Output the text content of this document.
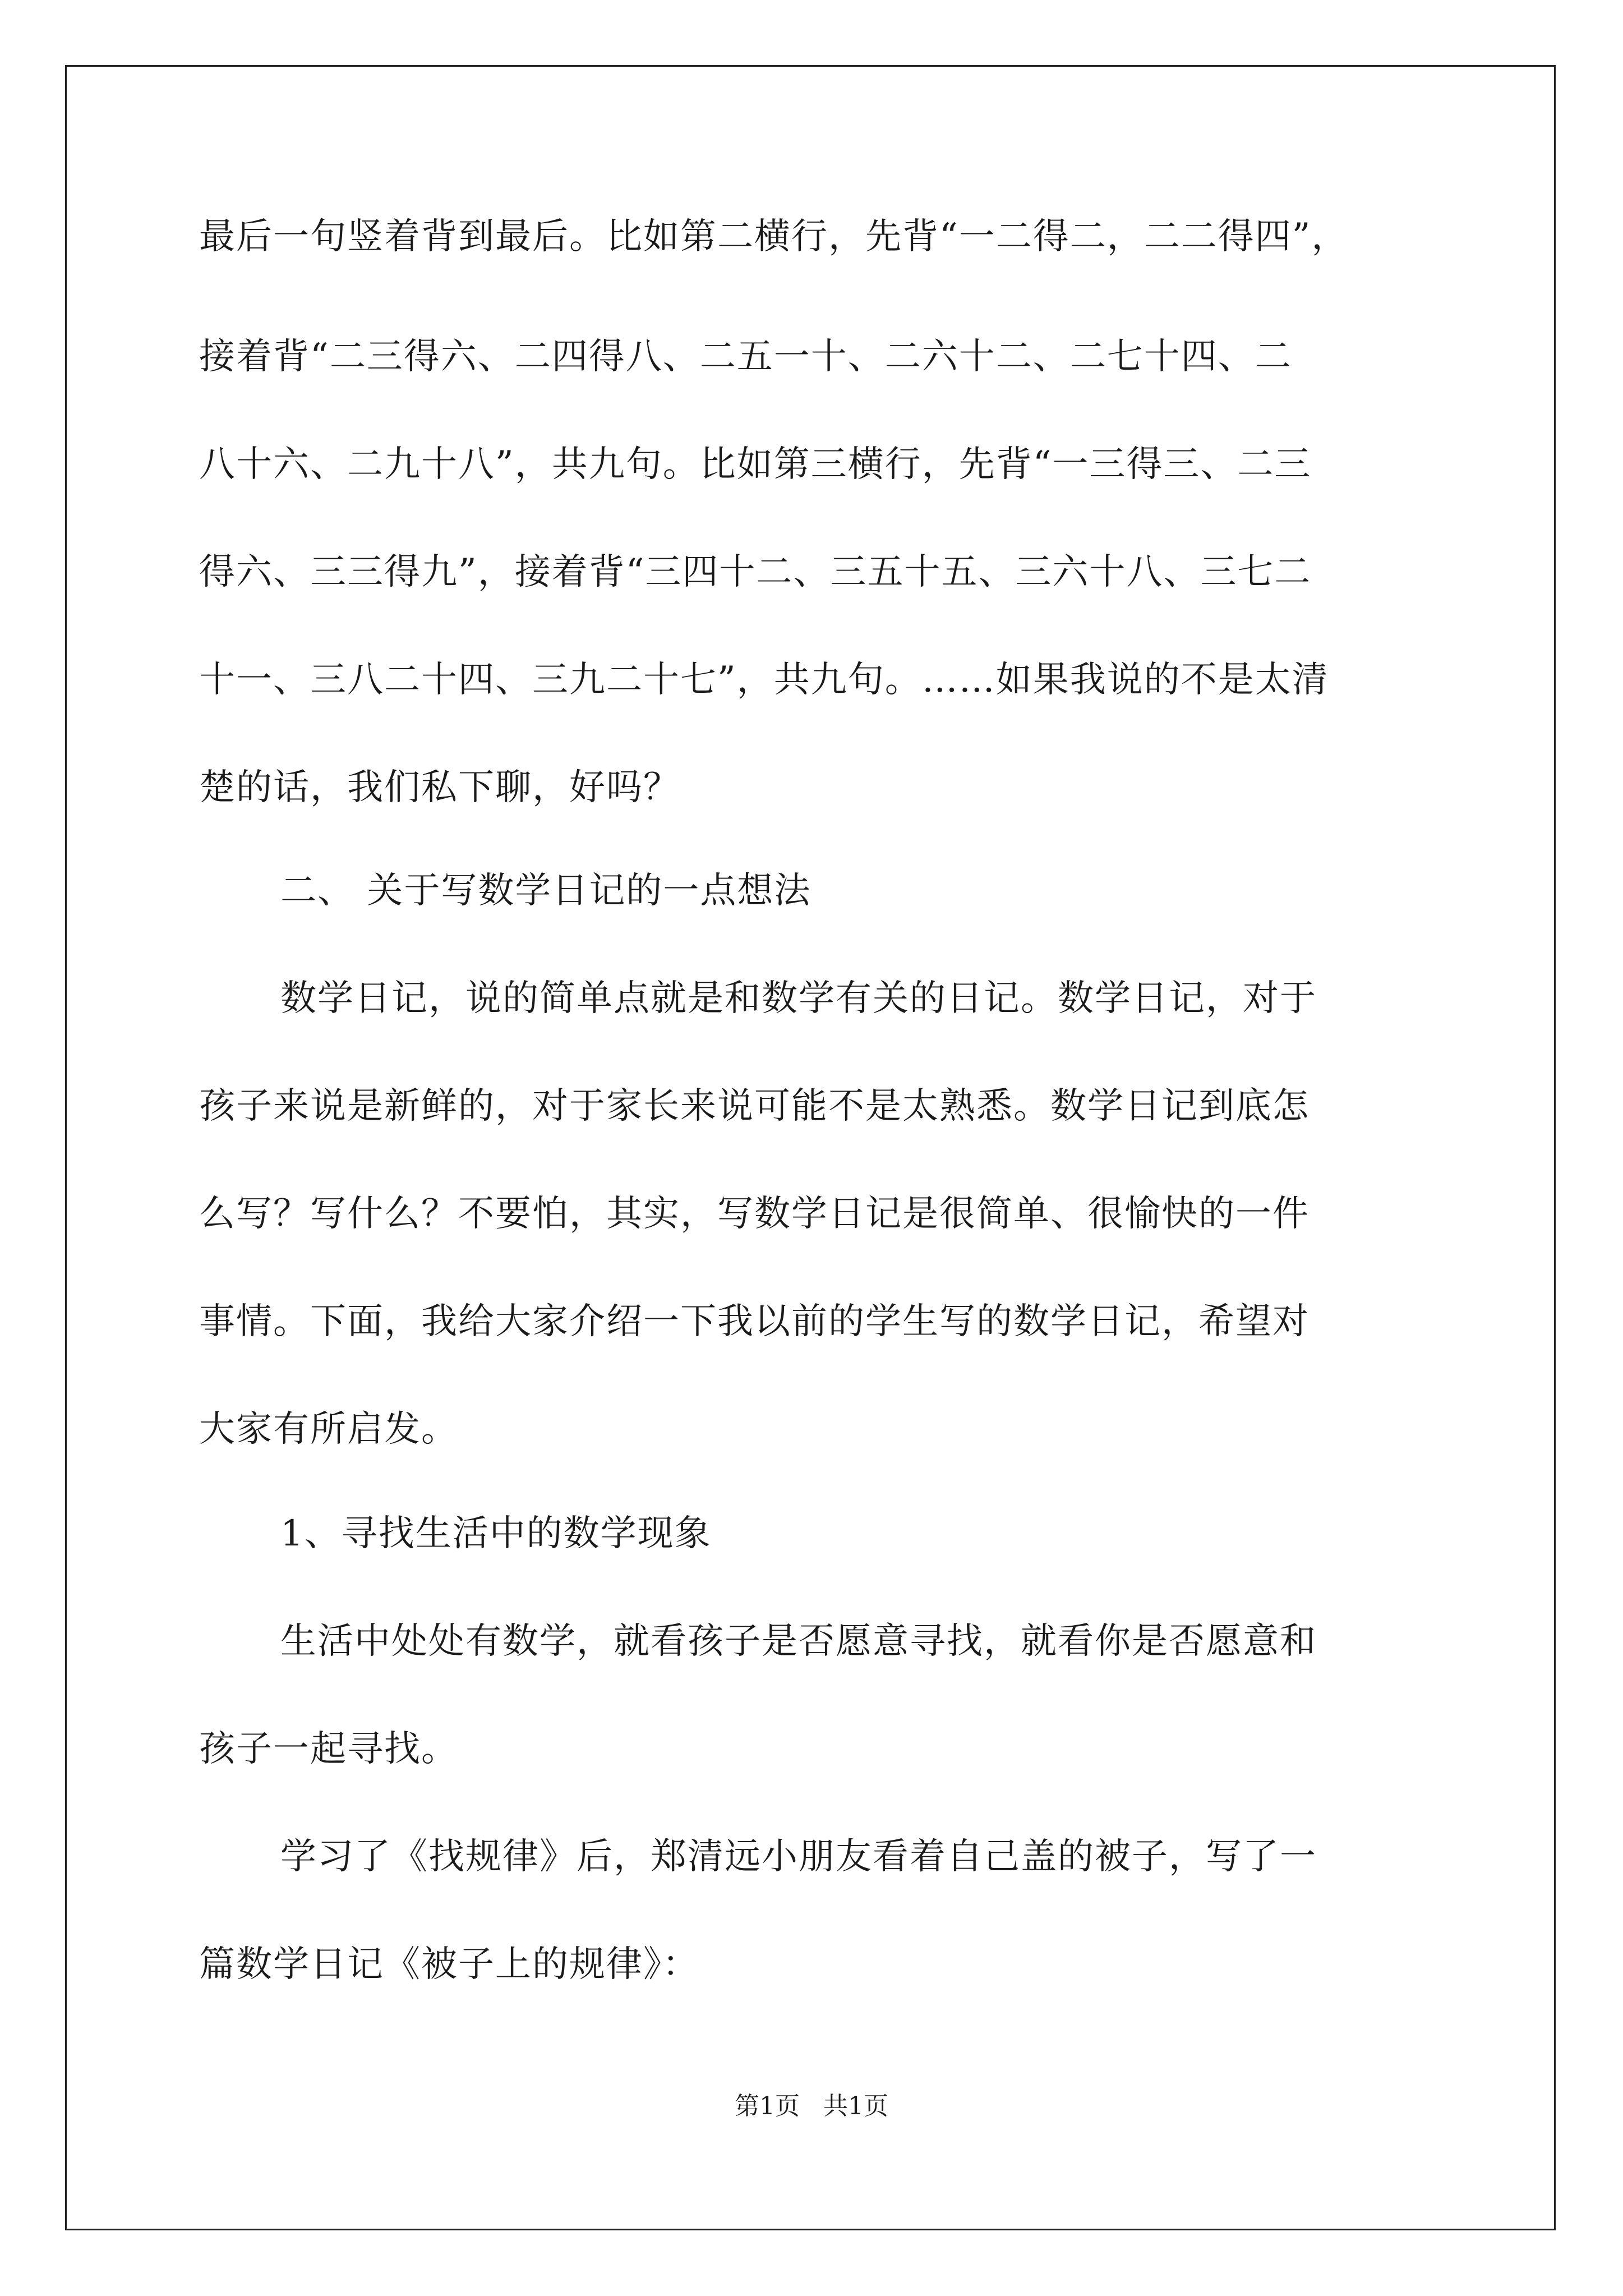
最后一句竖着背到最后。比如第二横行，先背“一二得二，二二得四”，
接着背“二三得六、二四得八、二五一十、二六十二、二七十四、二
八十六、二九十八”，共九句。比如第三横行，先背“一三得三、二三
得六、三三得九”，接着背“三四十二、三五十五、三六十八、三七二
十一、三八二十四、三九二十七”，共九句。……如果我说的不是太清
楚的话，我们私下聊，好吗？
二、 关于写数学日记的一点想法
数学日记，说的简单点就是和数学有关的日记。数学日记，对于
孩子来说是新鲜的，对于家长来说可能不是太熟悉。数学日记到底怎
么写？写什么？不要怕，其实，写数学日记是很简单、很愉快的一件
事情。下面，我给大家介绍一下我以前的学生写的数学日记，希望对
大家有所启发。
1、寻找生活中的数学现象
生活中处处有数学，就看孩子是否愿意寻找，就看你是否愿意和
孩子一起寻找。
学习了《找规律》后，郑清远小朋友看着自己盖的被子，写了一
篇数学日记《被子上的规律》：
第1页   共1页
